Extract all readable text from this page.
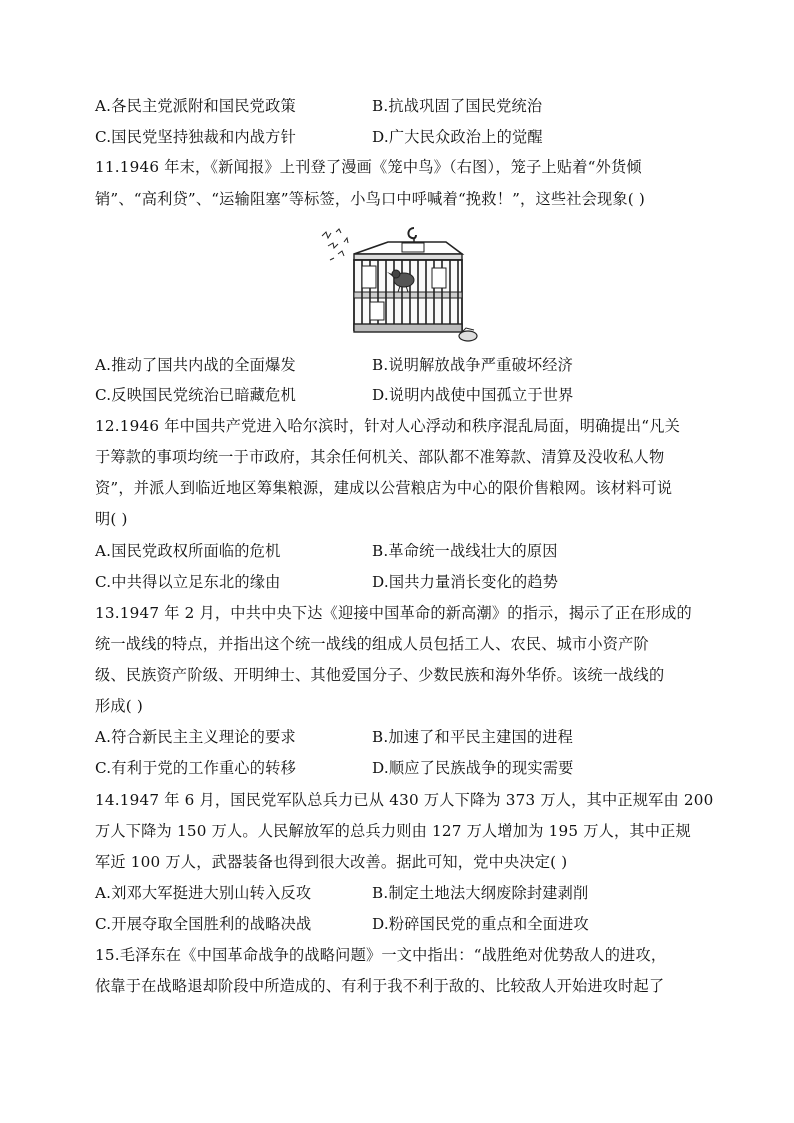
A.各民主党派附和国民党政策	B.抗战巩固了国民党统治
C.国民党坚持独裁和内战方针	D.广大民众政治上的觉醒
11.1946 年末，《新闻报》上刊登了漫画《笼中鸟》（右图），笼子上贴着“外货倾
销”、“高利贷”、“运输阻塞”等标签，小鸟口中呼喊着“挽救！”，这些社会现象( )
A.推动了国共内战的全面爆发	B.说明解放战争严重破坏经济
C.反映国民党统治已暗藏危机	D.说明内战使中国孤立于世界
12.1946 年中国共产党进入哈尔滨时，针对人心浮动和秩序混乱局面，明确提出“凡关
于筹款的事项均统一于市政府，其余任何机关、部队都不准筹款、清算及没收私人物
资”，并派人到临近地区筹集粮源，建成以公营粮店为中心的限价售粮网。该材料可说
明( )
A.国民党政权所面临的危机	B.革命统一战线壮大的原因
C.中共得以立足东北的缘由	D.国共力量消长变化的趋势
13.1947 年 2 月，中共中央下达《迎接中国革命的新高潮》的指示，揭示了正在形成的
统一战线的特点，并指出这个统一战线的组成人员包括工人、农民、城市小资产阶
级、民族资产阶级、开明绅士、其他爱国分子、少数民族和海外华侨。该统一战线的
形成( )
A.符合新民主主义理论的要求	B.加速了和平民主建国的进程
C.有利于党的工作重心的转移	D.顺应了民族战争的现实需要
14.1947 年 6 月，国民党军队总兵力已从 430 万人下降为 373 万人，其中正规军由 200
万人下降为 150 万人。人民解放军的总兵力则由 127 万人增加为 195 万人，其中正规
军近 100 万人，武器装备也得到很大改善。据此可知，党中央决定( )
A.刘邓大军挺进大别山转入反攻	B.制定土地法大纲废除封建剥削
C.开展夺取全国胜利的战略决战	D.粉碎国民党的重点和全面进攻
15.毛泽东在《中国革命战争的战略问题》一文中指出：“战胜绝对优势敌人的进攻，
依靠于在战略退却阶段中所造成的、有利于我不利于敌的、比较敌人开始进攻时起了
